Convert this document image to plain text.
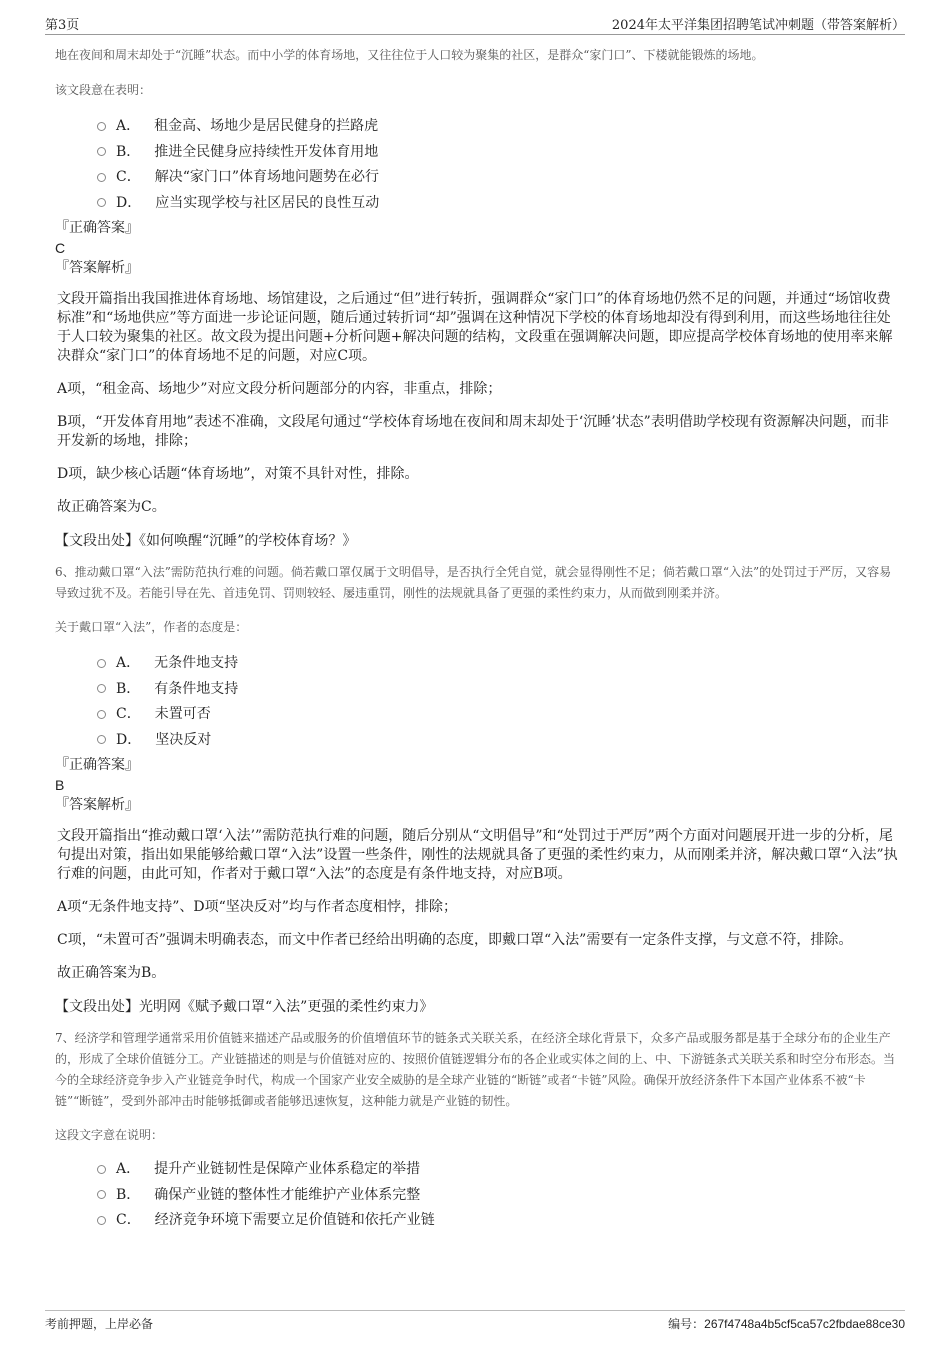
第3页	2024年太平洋集团招聘笔试冲刺题（带答案解析）

地在夜间和周末却处于“沉睡”状态。而中小学的体育场地，又往往位于人口较为聚集的社区，是群众“家门口”、下楼就能锻炼的场地。

该文段意在表明：

A． 租金高、场地少是居民健身的拦路虎
B． 推进全民健身应持续性开发体育用地
C． 解决“家门口”体育场地问题势在必行
D． 应当实现学校与社区居民的良性互动

『正确答案』

C

『答案解析』

文段开篇指出我国推进体育场地、场馆建设，之后通过“但”进行转折，强调群众“家门口”的体育场地仍然不足的问题，并通过“场馆收费标准”和“场地供应”等方面进一步论证问题，随后通过转折词“却”强调在这种情况下学校的体育场地却没有得到利用，而这些场地往往处于人口较为聚集的社区。故文段为提出问题+分析问题+解决问题的结构，文段重在强调解决问题，即应提高学校体育场地的使用率来解决群众“家门口”的体育场地不足的问题，对应C项。

A项，“租金高、场地少”对应文段分析问题部分的内容，非重点，排除；

B项，“开发体育用地”表述不准确，文段尾句通过“学校体育场地在夜间和周末却处于‘沉睡’状态”表明借助学校现有资源解决问题，而非开发新的场地，排除；

D项，缺少核心话题“体育场地”，对策不具针对性，排除。

故正确答案为C。

【文段出处】《如何唤醒“沉睡”的学校体育场？》

6、推动戴口罩“入法”需防范执行难的问题。倘若戴口罩仅属于文明倡导，是否执行全凭自觉，就会显得刚性不足；倘若戴口罩“入法”的处罚过于严厉，又容易导致过犹不及。若能引导在先、首违免罚、罚则较轻、屡违重罚，刚性的法规就具备了更强的柔性约束力，从而做到刚柔并济。

关于戴口罩“入法”，作者的态度是：

A． 无条件地支持
B． 有条件地支持
C． 未置可否
D． 坚决反对

『正确答案』

B

『答案解析』

文段开篇指出“推动戴口罩‘入法’”需防范执行难的问题，随后分别从“文明倡导”和“处罚过于严厉”两个方面对问题展开进一步的分析，尾句提出对策，指出如果能够给戴口罩“入法”设置一些条件，刚性的法规就具备了更强的柔性约束力，从而刚柔并济，解决戴口罩“入法”执行难的问题，由此可知，作者对于戴口罩“入法”的态度是有条件地支持，对应B项。

A项“无条件地支持”、D项“坚决反对”均与作者态度相悖，排除；

C项，“未置可否”强调未明确表态，而文中作者已经给出明确的态度，即戴口罩“入法”需要有一定条件支撑，与文意不符，排除。

故正确答案为B。

【文段出处】光明网《赋予戴口罩“入法”更强的柔性约束力》

7、经济学和管理学通常采用价值链来描述产品或服务的价值增值环节的链条式关联关系，在经济全球化背景下，众多产品或服务都是基于全球分布的企业生产的，形成了全球价值链分工。产业链描述的则是与价值链对应的、按照价值链逻辑分布的各企业或实体之间的上、中、下游链条式关联关系和时空分布形态。当今的全球经济竞争步入产业链竞争时代，构成一个国家产业安全威胁的是全球产业链的“断链”或者“卡链”风险。确保开放经济条件下本国产业体系不被“卡链”“断链”，受到外部冲击时能够抵御或者能够迅速恢复，这种能力就是产业链的韧性。

这段文字意在说明：

A． 提升产业链韧性是保障产业体系稳定的举措
B． 确保产业链的整体性才能维护产业体系完整
C． 经济竞争环境下需要立足价值链和依托产业链
考前押题，上岸必备	编号：267f4748a4b5cf5ca57c2fbdae88ce30
